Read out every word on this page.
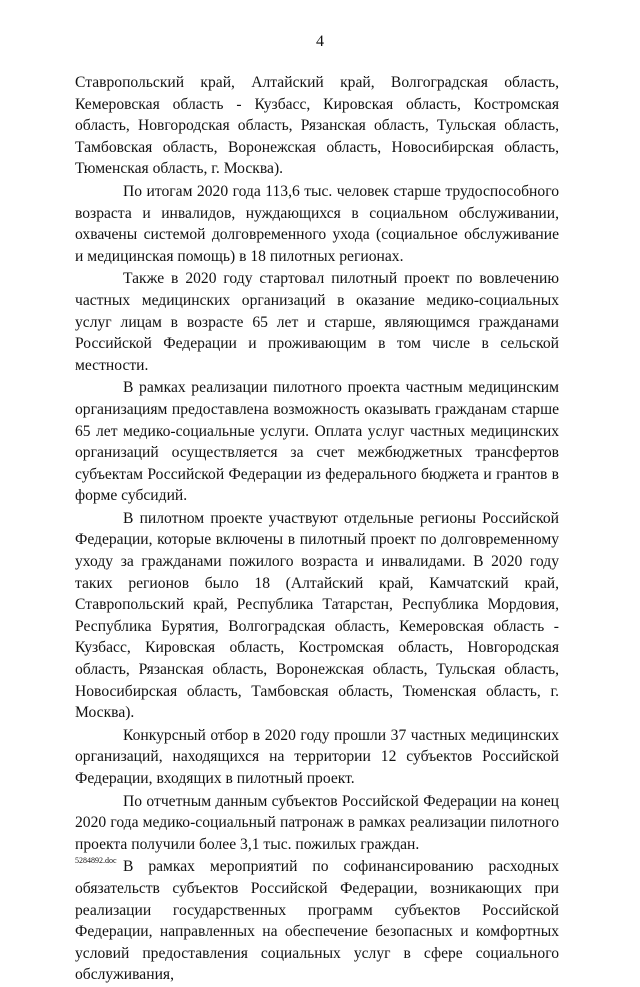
4

Ставропольский край, Алтайский край, Волгоградская область, Кемеровская область - Кузбасс, Кировская область, Костромская область, Новгородская область, Рязанская область, Тульская область, Тамбовская область, Воронежская область, Новосибирская область, Тюменская область, г. Москва).

По итогам 2020 года 113,6 тыс. человек старше трудоспособного возраста и инвалидов, нуждающихся в социальном обслуживании, охвачены системой долговременного ухода (социальное обслуживание и медицинская помощь) в 18 пилотных регионах.

Также в 2020 году стартовал пилотный проект по вовлечению частных медицинских организаций в оказание медико-социальных услуг лицам в возрасте 65 лет и старше, являющимся гражданами Российской Федерации и проживающим в том числе в сельской местности.

В рамках реализации пилотного проекта частным медицинским организациям предоставлена возможность оказывать гражданам старше 65 лет медико-социальные услуги. Оплата услуг частных медицинских организаций осуществляется за счет межбюджетных трансфертов субъектам Российской Федерации из федерального бюджета и грантов в форме субсидий.

В пилотном проекте участвуют отдельные регионы Российской Федерации, которые включены в пилотный проект по долговременному уходу за гражданами пожилого возраста и инвалидами. В 2020 году таких регионов было 18 (Алтайский край, Камчатский край, Ставропольский край, Республика Татарстан, Республика Мордовия, Республика Бурятия, Волгоградская область, Кемеровская область - Кузбасс, Кировская область, Костромская область, Новгородская область, Рязанская область, Воронежская область, Тульская область, Новосибирская область, Тамбовская область, Тюменская область, г. Москва).

Конкурсный отбор в 2020 году прошли 37 частных медицинских организаций, находящихся на территории 12 субъектов Российской Федерации, входящих в пилотный проект.

По отчетным данным субъектов Российской Федерации на конец 2020 года медико-социальный патронаж в рамках реализации пилотного проекта получили более 3,1 тыс. пожилых граждан.

В рамках мероприятий по софинансированию расходных обязательств субъектов Российской Федерации, возникающих при реализации государственных программ субъектов Российской Федерации, направленных на обеспечение безопасных и комфортных условий предоставления социальных услуг в сфере социального обслуживания,

5284892.doc
